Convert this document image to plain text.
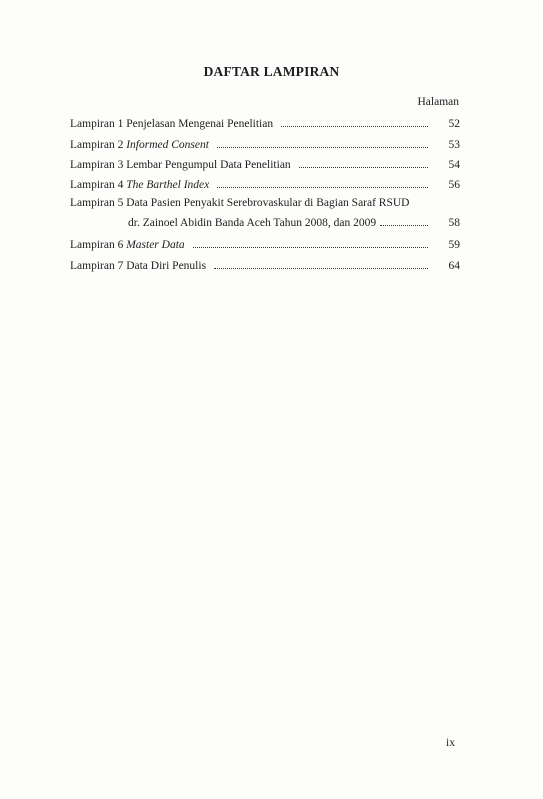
DAFTAR LAMPIRAN
Halaman
Lampiran 1 Penjelasan Mengenai Penelitian	52
Lampiran 2 Informed Consent	53
Lampiran 3 Lembar Pengumpul Data Penelitian	54
Lampiran 4 The Barthel Index	56
Lampiran 5 Data Pasien Penyakit Serebrovaskular di Bagian Saraf RSUD
dr. Zainoel Abidin Banda Aceh Tahun 2008, dan 2009	58
Lampiran 6 Master Data	59
Lampiran 7 Data Diri Penulis	64
ix
